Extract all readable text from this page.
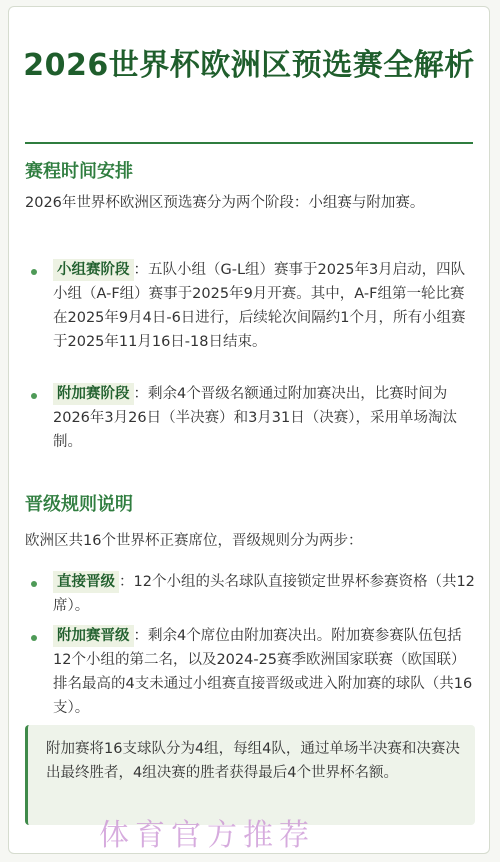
2026世界杯欧洲区预选赛全解析
赛程时间安排
2026年世界杯欧洲区预选赛分为两个阶段：小组赛与附加赛。
小组赛阶段 ：五队小组（G-L组）赛事于2025年3月启动，四队小组（A-F组）赛事于2025年9月开赛。其中，A-F组第一轮比赛在2025年9月4日-6日进行，后续轮次间隔约1个月，所有小组赛于2025年11月16日-18日结束。
附加赛阶段 ：剩余4个晋级名额通过附加赛决出，比赛时间为2026年3月26日（半决赛）和3月31日（决赛），采用单场淘汰制。
晋级规则说明
欧洲区共16个世界杯正赛席位，晋级规则分为两步：
直接晋级 ：12个小组的头名球队直接锁定世界杯参赛资格（共12席）。
附加赛晋级 ：剩余4个席位由附加赛决出。附加赛参赛队伍包括12个小组的第二名，以及2024-25赛季欧洲国家联赛（欧国联）排名最高的4支未通过小组赛直接晋级或进入附加赛的球队（共16支）。
附加赛将16支球队分为4组，每组4队，通过单场半决赛和决赛决出最终胜者，4组决赛的胜者获得最后4个世界杯名额。
体育官方推荐
